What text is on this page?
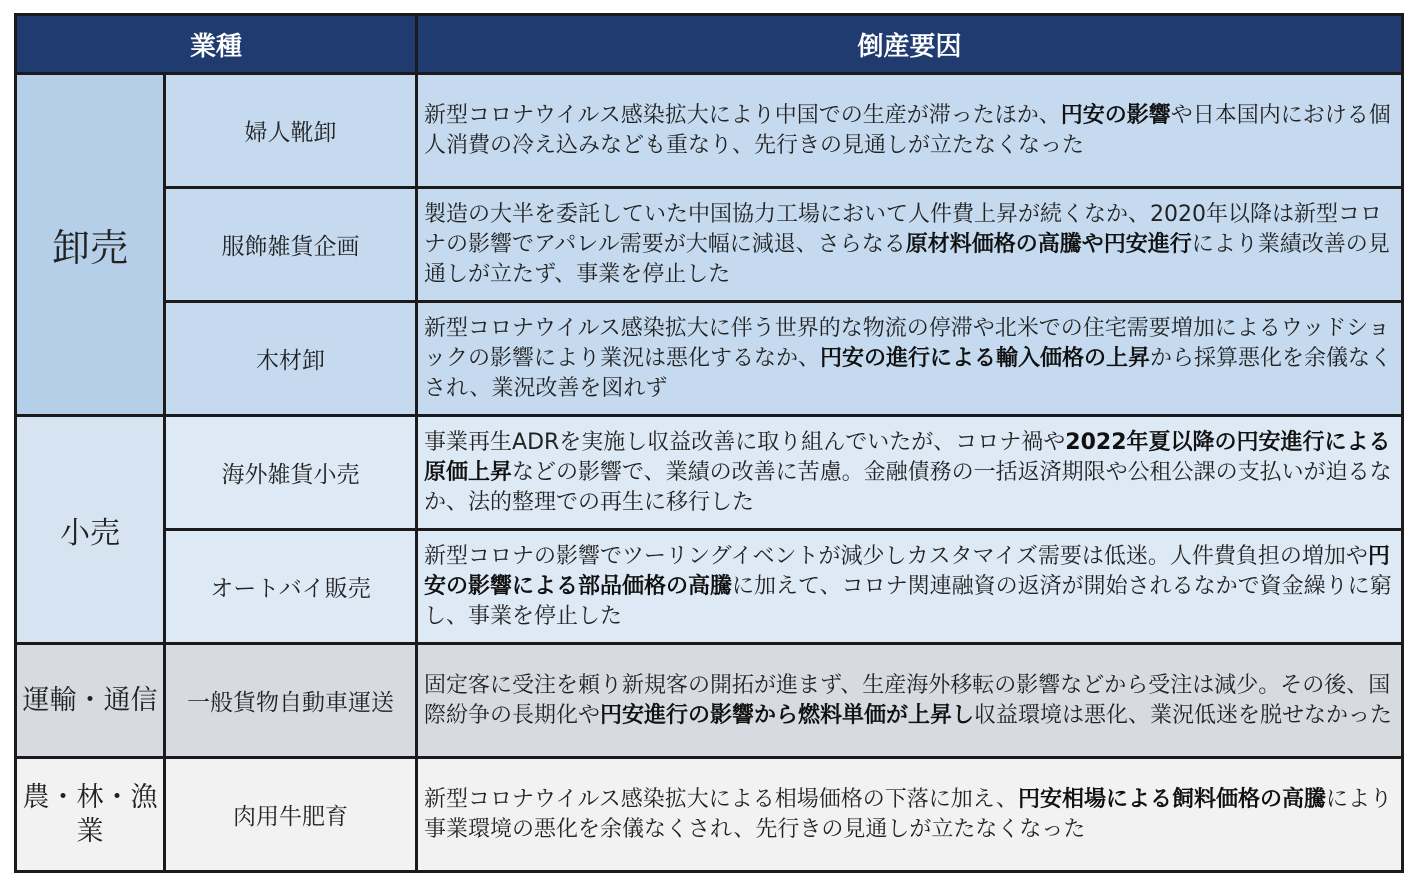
業種		倒産要因
卸売	婦人靴卸	新型コロナウイルス感染拡大により中国での生産が滞ったほか、円安の影響や日本国内における個人消費の冷え込みなども重なり、先行きの見通しが立たなくなった
	服飾雑貨企画	製造の大半を委託していた中国協力工場において人件費上昇が続くなか、2020年以降は新型コロナの影響でアパレル需要が大幅に減退、さらなる原材料価格の高騰や円安進行により業績改善の見通しが立たず、事業を停止した
	木材卸	新型コロナウイルス感染拡大に伴う世界的な物流の停滞や北米での住宅需要増加によるウッドショックの影響により業況は悪化するなか、円安の進行による輸入価格の上昇から採算悪化を余儀なくされ、業況改善を図れず
小売	海外雑貨小売	事業再生ADRを実施し収益改善に取り組んでいたが、コロナ禍や2022年夏以降の円安進行による原価上昇などの影響で、業績の改善に苦慮。金融債務の一括返済期限や公租公課の支払いが迫るなか、法的整理での再生に移行した
	オートバイ販売	新型コロナの影響でツーリングイベントが減少しカスタマイズ需要は低迷。人件費負担の増加や円安の影響による部品価格の高騰に加えて、コロナ関連融資の返済が開始されるなかで資金繰りに窮し、事業を停止した
運輸・通信	一般貨物自動車運送	固定客に受注を頼り新規客の開拓が進まず、生産海外移転の影響などから受注は減少。その後、国際紛争の長期化や円安進行の影響から燃料単価が上昇し収益環境は悪化、業況低迷を脱せなかった
農・林・漁業	肉用牛肥育	新型コロナウイルス感染拡大による相場価格の下落に加え、円安相場による飼料価格の高騰により事業環境の悪化を余儀なくされ、先行きの見通しが立たなくなった
